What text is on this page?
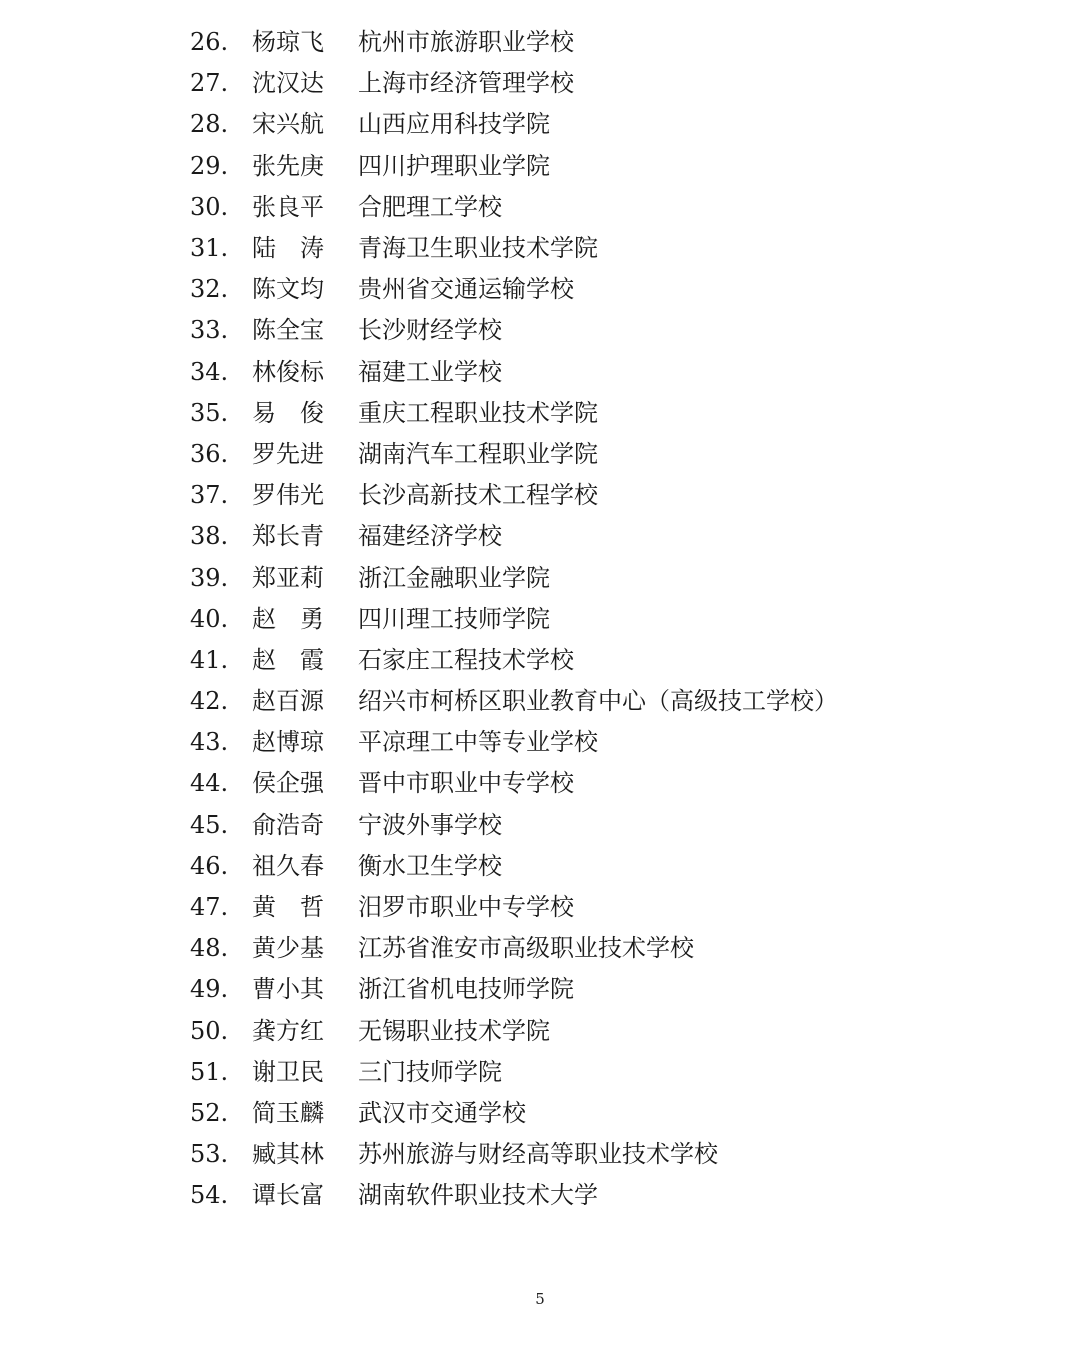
26. 杨琼飞	杭州市旅游职业学校
27. 沈汉达	上海市经济管理学校
28. 宋兴航	山西应用科技学院
29. 张先庚	四川护理职业学院
30. 张良平	合肥理工学校
31. 陆　涛	青海卫生职业技术学院
32. 陈文均	贵州省交通运输学校
33. 陈全宝	长沙财经学校
34. 林俊标	福建工业学校
35. 易　俊	重庆工程职业技术学院
36. 罗先进	湖南汽车工程职业学院
37. 罗伟光	长沙高新技术工程学校
38. 郑长青	福建经济学校
39. 郑亚莉	浙江金融职业学院
40. 赵　勇	四川理工技师学院
41. 赵　霞	石家庄工程技术学校
42. 赵百源	绍兴市柯桥区职业教育中心（高级技工学校）
43. 赵博琼	平凉理工中等专业学校
44. 侯企强	晋中市职业中专学校
45. 俞浩奇	宁波外事学校
46. 祖久春	衡水卫生学校
47. 黄　哲	汨罗市职业中专学校
48. 黄少基	江苏省淮安市高级职业技术学校
49. 曹小其	浙江省机电技师学院
50. 龚方红	无锡职业技术学院
51. 谢卫民	三门技师学院
52. 简玉麟	武汉市交通学校
53. 臧其林	苏州旅游与财经高等职业技术学校
54. 谭长富	湖南软件职业技术大学
5
